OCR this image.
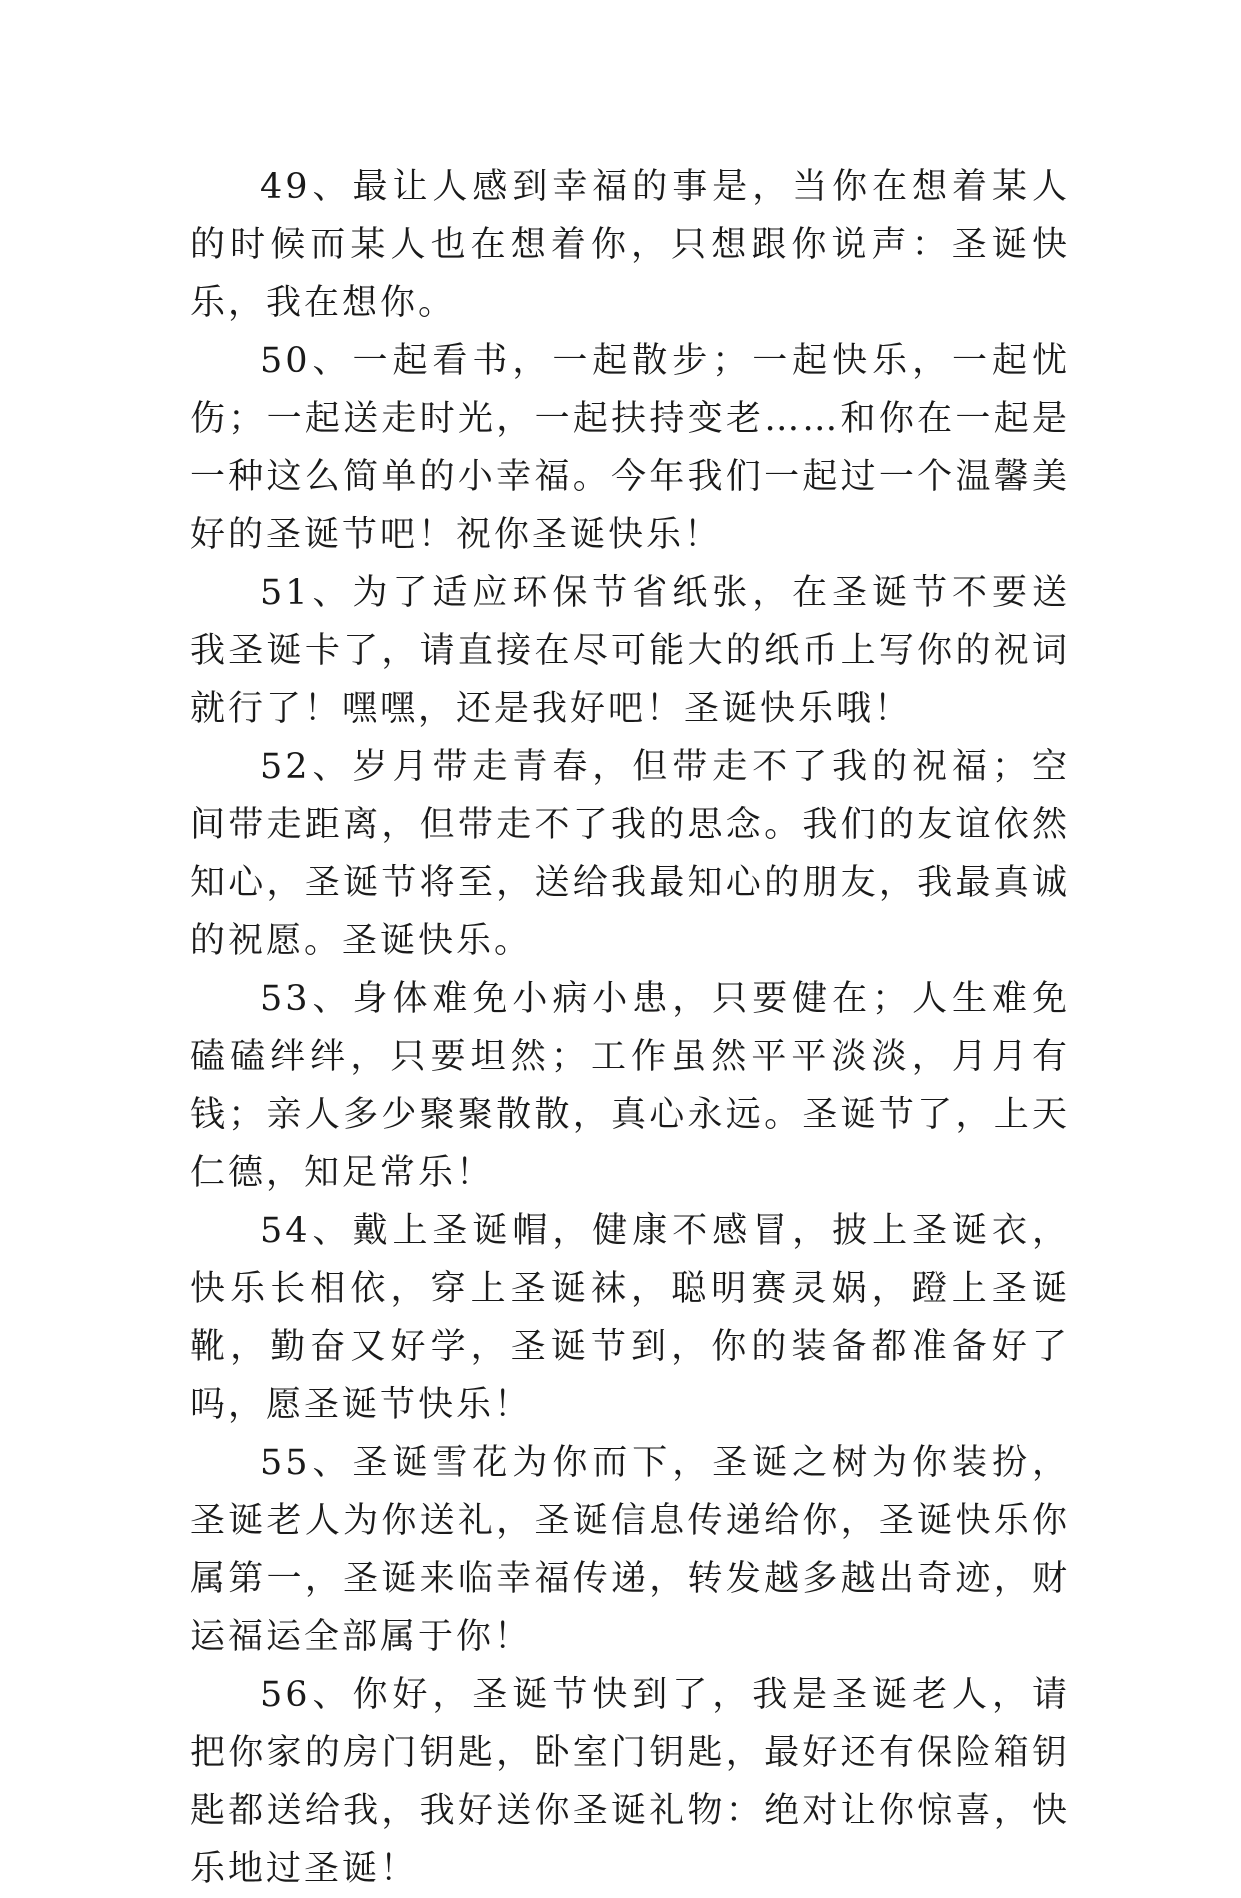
49、最让人感到幸福的事是，当你在想着某人的时候而某人也在想着你，只想跟你说声：圣诞快乐，我在想你。

50、一起看书，一起散步；一起快乐，一起忧伤；一起送走时光，一起扶持变老……和你在一起是一种这么简单的小幸福。今年我们一起过一个温馨美好的圣诞节吧！祝你圣诞快乐！

51、为了适应环保节省纸张，在圣诞节不要送我圣诞卡了，请直接在尽可能大的纸币上写你的祝词就行了！嘿嘿，还是我好吧！圣诞快乐哦！

52、岁月带走青春，但带走不了我的祝福；空间带走距离，但带走不了我的思念。我们的友谊依然知心，圣诞节将至，送给我最知心的朋友，我最真诚的祝愿。圣诞快乐。

53、身体难免小病小患，只要健在；人生难免磕磕绊绊，只要坦然；工作虽然平平淡淡，月月有钱；亲人多少聚聚散散，真心永远。圣诞节了，上天仁德，知足常乐！

54、戴上圣诞帽，健康不感冒，披上圣诞衣，快乐长相依，穿上圣诞袜，聪明赛灵娲，蹬上圣诞靴，勤奋又好学，圣诞节到，你的装备都准备好了吗，愿圣诞节快乐！

55、圣诞雪花为你而下，圣诞之树为你装扮，圣诞老人为你送礼，圣诞信息传递给你，圣诞快乐你属第一，圣诞来临幸福传递，转发越多越出奇迹，财运福运全部属于你！

56、你好，圣诞节快到了，我是圣诞老人，请把你家的房门钥匙，卧室门钥匙，最好还有保险箱钥匙都送给我，我好送你圣诞礼物：绝对让你惊喜，快乐地过圣诞！
